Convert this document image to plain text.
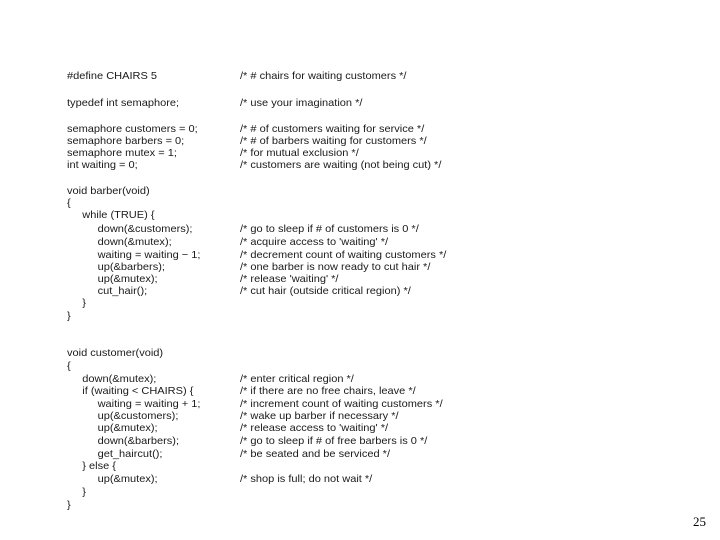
#define CHAIRS 5	/* # chairs for waiting customers */
typedef int semaphore;	/* use your imagination */
semaphore customers = 0;	/* # of customers waiting for service */
semaphore barbers = 0;	/* # of barbers waiting for customers */
semaphore mutex = 1;	/* for mutual exclusion */
int waiting = 0;	/* customers are waiting (not being cut) */
void barber(void)
{
while (TRUE) {
down(&customers);	/* go to sleep if # of customers is 0 */
down(&mutex);	/* acquire access to 'waiting' */
waiting = waiting − 1;	/* decrement count of waiting customers */
up(&barbers);	/* one barber is now ready to cut hair */
up(&mutex);	/* release 'waiting' */
cut_hair();	/* cut hair (outside critical region) */
}
}
void customer(void)
{
down(&mutex);	/* enter critical region */
if (waiting < CHAIRS) {	/* if there are no free chairs, leave */
waiting = waiting + 1;	/* increment count of waiting customers */
up(&customers);	/* wake up barber if necessary */
up(&mutex);	/* release access to 'waiting' */
down(&barbers);	/* go to sleep if # of free barbers is 0 */
get_haircut();	/* be seated and be serviced */
} else {
up(&mutex);	/* shop is full; do not wait */
}
}
25
